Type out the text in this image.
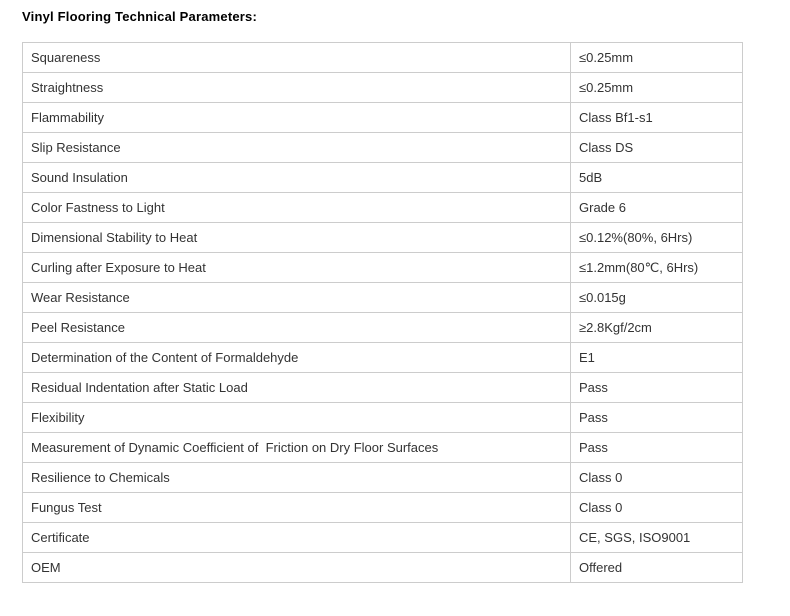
Vinyl Flooring Technical Parameters:
Squareness	≤0.25mm
Straightness	≤0.25mm
Flammability	Class Bf1-s1
Slip Resistance	Class DS
Sound Insulation	5dB
Color Fastness to Light	Grade 6
Dimensional Stability to Heat	≤0.12%(80%, 6Hrs)
Curling after Exposure to Heat	≤1.2mm(80℃, 6Hrs)
Wear Resistance	≤0.015g
Peel Resistance	≥2.8Kgf/2cm
Determination of the Content of Formaldehyde	E1
Residual Indentation after Static Load	Pass
Flexibility	Pass
Measurement of Dynamic Coefficient of  Friction on Dry Floor Surfaces	Pass
Resilience to Chemicals	Class 0
Fungus Test	Class 0
Certificate	CE, SGS, ISO9001
OEM	Offered
